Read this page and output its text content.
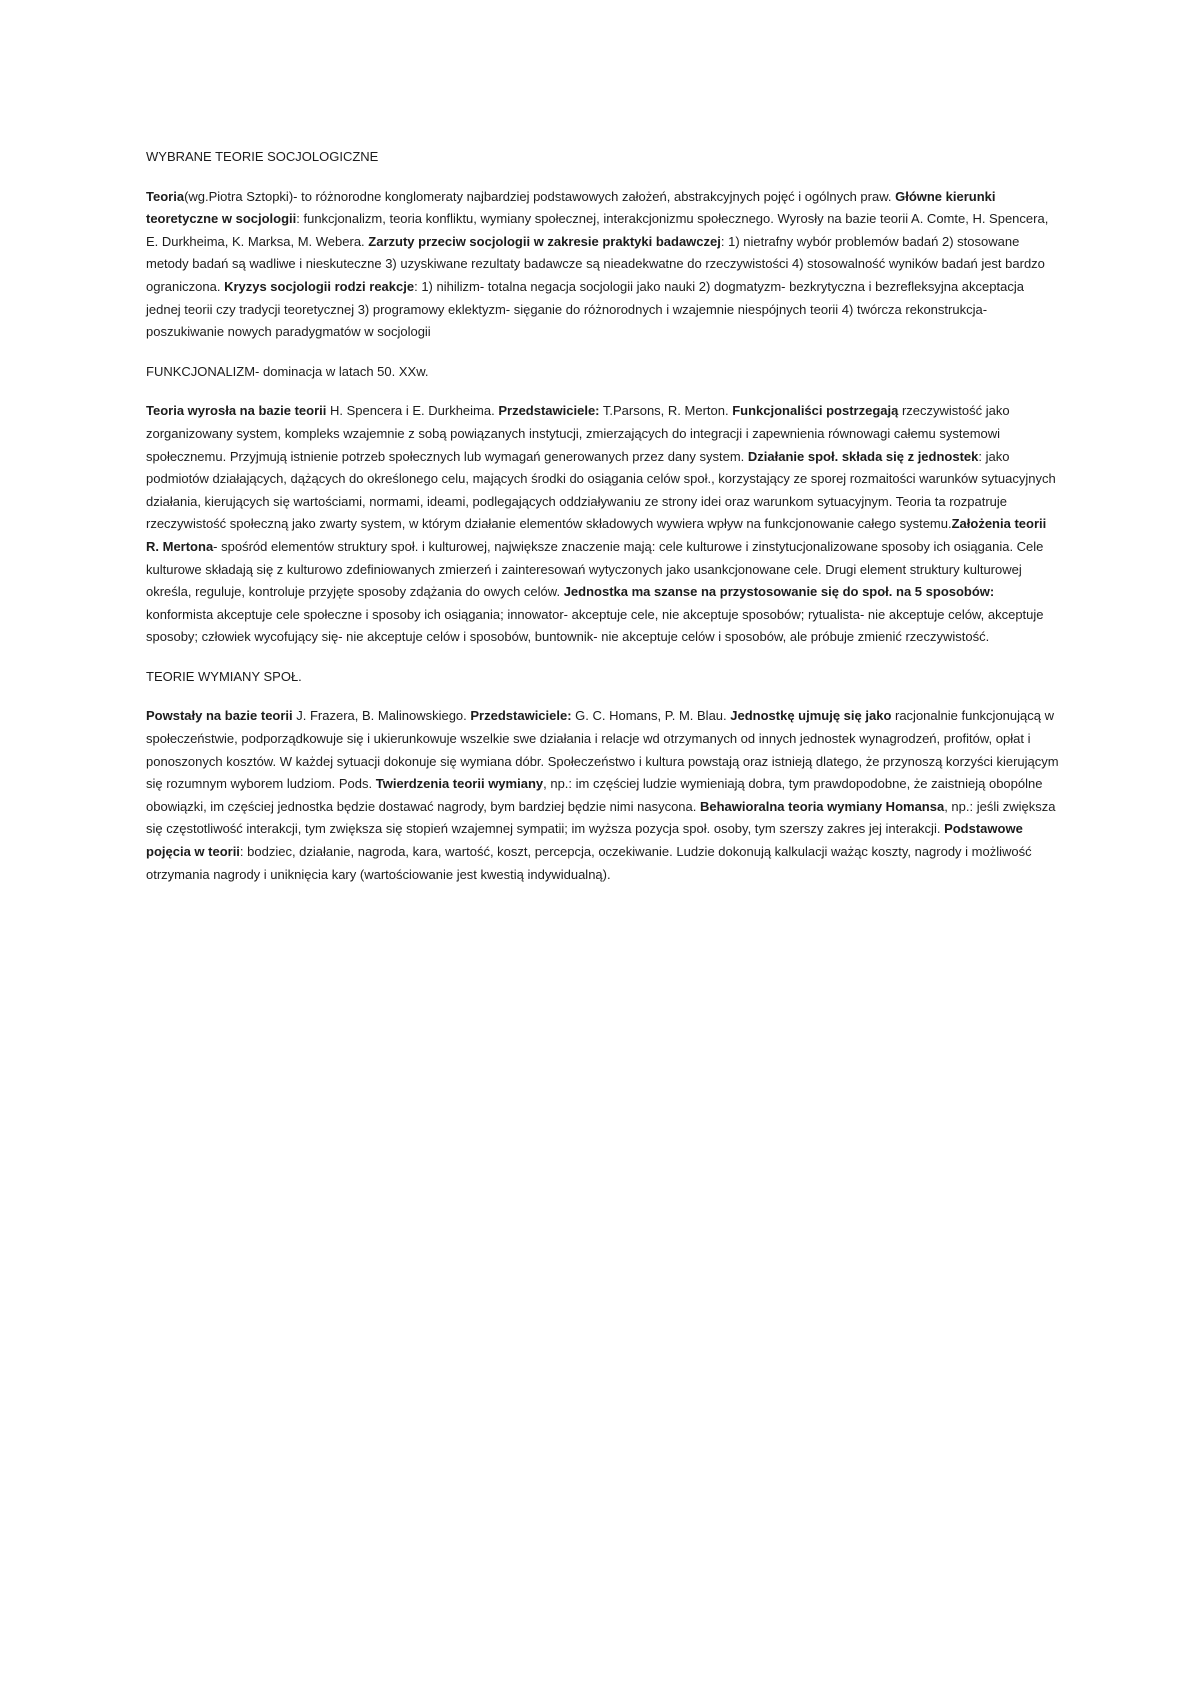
WYBRANE TEORIE SOCJOLOGICZNE

Teoria(wg.Piotra Sztopki)- to różnorodne konglomeraty najbardziej podstawowych założeń, abstrakcyjnych pojęć i ogólnych praw. Główne kierunki teoretyczne w socjologii: funkcjonalizm, teoria konfliktu, wymiany społecznej, interakcjonizmu społecznego. Wyrosły na bazie teorii A. Comte, H. Spencera, E. Durkheima, K. Marksa, M. Webera. Zarzuty przeciw socjologii w zakresie praktyki badawczej: 1) nietrafny wybór problemów badań 2) stosowane metody badań są wadliwe i nieskuteczne 3) uzyskiwane rezultaty badawcze są nieadekwatne do rzeczywistości 4) stosowalność wyników badań jest bardzo ograniczona. Kryzys socjologii rodzi reakcje: 1) nihilizm- totalna negacja socjologii jako nauki 2) dogmatyzm- bezkrytyczna i bezrefleksyjna akceptacja jednej teorii czy tradycji teoretycznej 3) programowy eklektyzm- sięganie do różnorodnych i wzajemnie niespójnych teorii 4) twórcza rekonstrukcja- poszukiwanie nowych paradygmatów w socjologii

FUNKCJONALIZM- dominacja w latach 50. XXw.

Teoria wyrosła na bazie teorii H. Spencera i E. Durkheima. Przedstawiciele: T.Parsons, R. Merton. Funkcjonaliści postrzegają rzeczywistość jako zorganizowany system, kompleks wzajemnie z sobą powiązanych instytucji, zmierzających do integracji i zapewnienia równowagi całemu systemowi społecznemu. Przyjmują istnienie potrzeb społecznych lub wymagań generowanych przez dany system. Działanie społ. składa się z jednostek: jako podmiotów działających, dążących do określonego celu, mających środki do osiągania celów społ., korzystający ze sporej rozmaitości warunków sytuacyjnych działania, kierujących się wartościami, normami, ideami, podlegających oddziaływaniu ze strony idei oraz warunkom sytuacyjnym. Teoria ta rozpatruje rzeczywistość społeczną jako zwarty system, w którym działanie elementów składowych wywiera wpływ na funkcjonowanie całego systemu.Założenia teorii R. Mertona- spośród elementów struktury społ. i kulturowej, największe znaczenie mają: cele kulturowe i zinstytucjonalizowane sposoby ich osiągania. Cele kulturowe składają się z kulturowo zdefiniowanych zmierzeń i zainteresowań wytyczonych jako usankcjonowane cele. Drugi element struktury kulturowej określa, reguluje, kontroluje przyjęte sposoby zdążania do owych celów. Jednostka ma szanse na przystosowanie się do społ. na 5 sposobów: konformista akceptuje cele społeczne i sposoby ich osiągania; innowator- akceptuje cele, nie akceptuje sposobów; rytualista- nie akceptuje celów, akceptuje sposoby; człowiek wycofujący się- nie akceptuje celów i sposobów, buntownik- nie akceptuje celów i sposobów, ale próbuje zmienić rzeczywistość.

TEORIE WYMIANY SPOŁ.

Powstały na bazie teorii J. Frazera, B. Malinowskiego. Przedstawiciele: G. C. Homans, P. M. Blau. Jednostkę ujmuję się jako racjonalnie funkcjonującą w społeczeństwie, podporządkowuje się i ukierunkowuje wszelkie swe działania i relacje wd otrzymanych od innych jednostek wynagrodzeń, profitów, opłat i ponoszonych kosztów. W każdej sytuacji dokonuje się wymiana dóbr. Społeczeństwo i kultura powstają oraz istnieją dlatego, że przynoszą korzyści kierującym się rozumnym wyborem ludziom. Pods. Twierdzenia teorii wymiany, np.: im częściej ludzie wymieniają dobra, tym prawdopodobne, że zaistnieją obopólne obowiązki, im częściej jednostka będzie dostawać nagrody, bym bardziej będzie nimi nasycona. Behawioralna teoria wymiany Homansa, np.: jeśli zwiększa się częstotliwość interakcji, tym zwiększa się stopień wzajemnej sympatii; im wyższa pozycja społ. osoby, tym szerszy zakres jej interakcji. Podstawowe pojęcia w teorii: bodziec, działanie, nagroda, kara, wartość, koszt, percepcja, oczekiwanie. Ludzie dokonują kalkulacji ważąc koszty, nagrody i możliwość otrzymania nagrody i uniknięcia kary (wartościowanie jest kwestią indywidualną).
